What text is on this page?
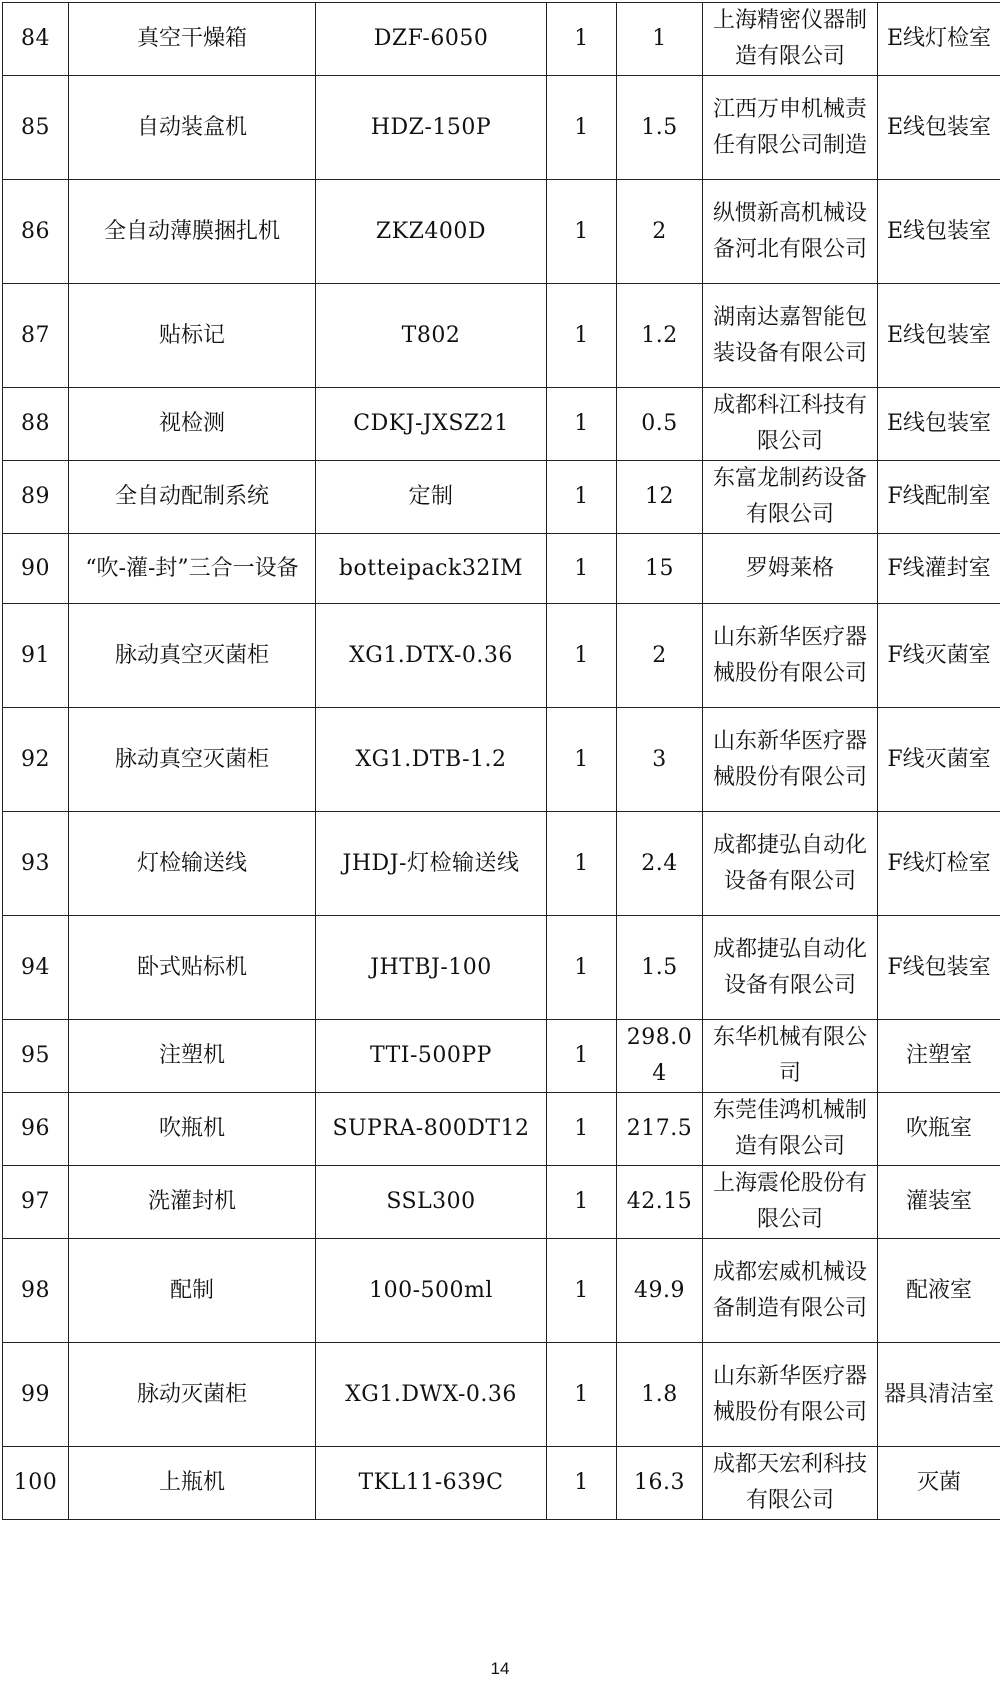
84	真空干燥箱	DZF-6050	1	1	上海精密仪器制造有限公司	E线灯检室
85	自动装盒机	HDZ-150P	1	1.5	江西万申机械责任有限公司制造	E线包装室
86	全自动薄膜捆扎机	ZKZ400D	1	2	纵惯新高机械设备河北有限公司	E线包装室
87	贴标记	T802	1	1.2	湖南达嘉智能包装设备有限公司	E线包装室
88	视检测	CDKJ-JXSZ21	1	0.5	成都科江科技有限公司	E线包装室
89	全自动配制系统	定制	1	12	东富龙制药设备有限公司	F线配制室
90	“吹-灌-封”三合一设备	botteipack32IM	1	15	罗姆莱格	F线灌封室
91	脉动真空灭菌柜	XG1.DTX-0.36	1	2	山东新华医疗器械股份有限公司	F线灭菌室
92	脉动真空灭菌柜	XG1.DTB-1.2	1	3	山东新华医疗器械股份有限公司	F线灭菌室
93	灯检输送线	JHDJ-灯检输送线	1	2.4	成都捷弘自动化设备有限公司	F线灯检室
94	卧式贴标机	JHTBJ-100	1	1.5	成都捷弘自动化设备有限公司	F线包装室
95	注塑机	TTI-500PP	1	298.04	东华机械有限公司	注塑室
96	吹瓶机	SUPRA-800DT12	1	217.5	东莞佳鸿机械制造有限公司	吹瓶室
97	洗灌封机	SSL300	1	42.15	上海震伦股份有限公司	灌装室
98	配制	100-500ml	1	49.9	成都宏威机械设备制造有限公司	配液室
99	脉动灭菌柜	XG1.DWX-0.36	1	1.8	山东新华医疗器械股份有限公司	器具清洁室
100	上瓶机	TKL11-639C	1	16.3	成都天宏利科技有限公司	灭菌
14
